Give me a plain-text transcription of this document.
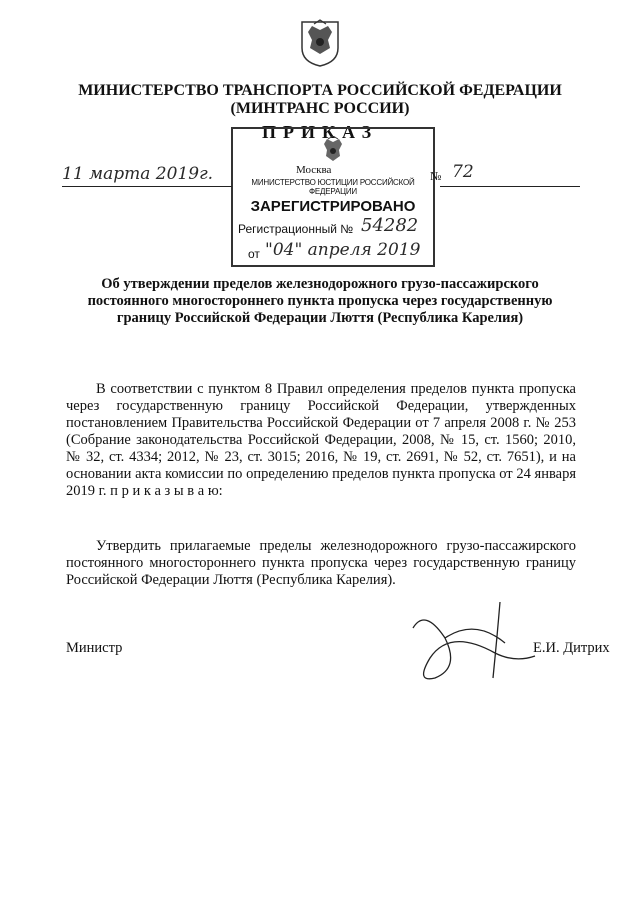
МИНИСТЕРСТВО ТРАНСПОРТА РОССИЙСКОЙ ФЕДЕРАЦИИ
(МИНТРАНС РОССИИ)
ПРИКАЗ
МИНИСТЕРСТВО ЮСТИЦИИ РОССИЙСКОЙ ФЕДЕРАЦИИ
ЗАРЕГИСТРИРОВАНО
Регистрационный № 54282
от "04" апреля 2019
11 марта 2019г.	Москва	№ 72
Об утверждении пределов железнодорожного грузо-пассажирского постоянного многостороннего пункта пропуска через государственную границу Российской Федерации Люття (Республика Карелия)
В соответствии с пунктом 8 Правил определения пределов пункта пропуска через государственную границу Российской Федерации, утвержденных постановлением Правительства Российской Федерации от 7 апреля 2008 г. № 253 (Собрание законодательства Российской Федерации, 2008, № 15, ст. 1560; 2010, № 32, ст. 4334; 2012, № 23, ст. 3015; 2016, № 19, ст. 2691, № 52, ст. 7651), и на основании акта комиссии по определению пределов пункта пропуска от 24 января 2019 г. п р и к а з ы в а ю:
Утвердить прилагаемые пределы железнодорожного грузо-пассажирского постоянного многостороннего пункта пропуска через государственную границу Российской Федерации Люття (Республика Карелия).
Министр	Е.И. Дитрих
